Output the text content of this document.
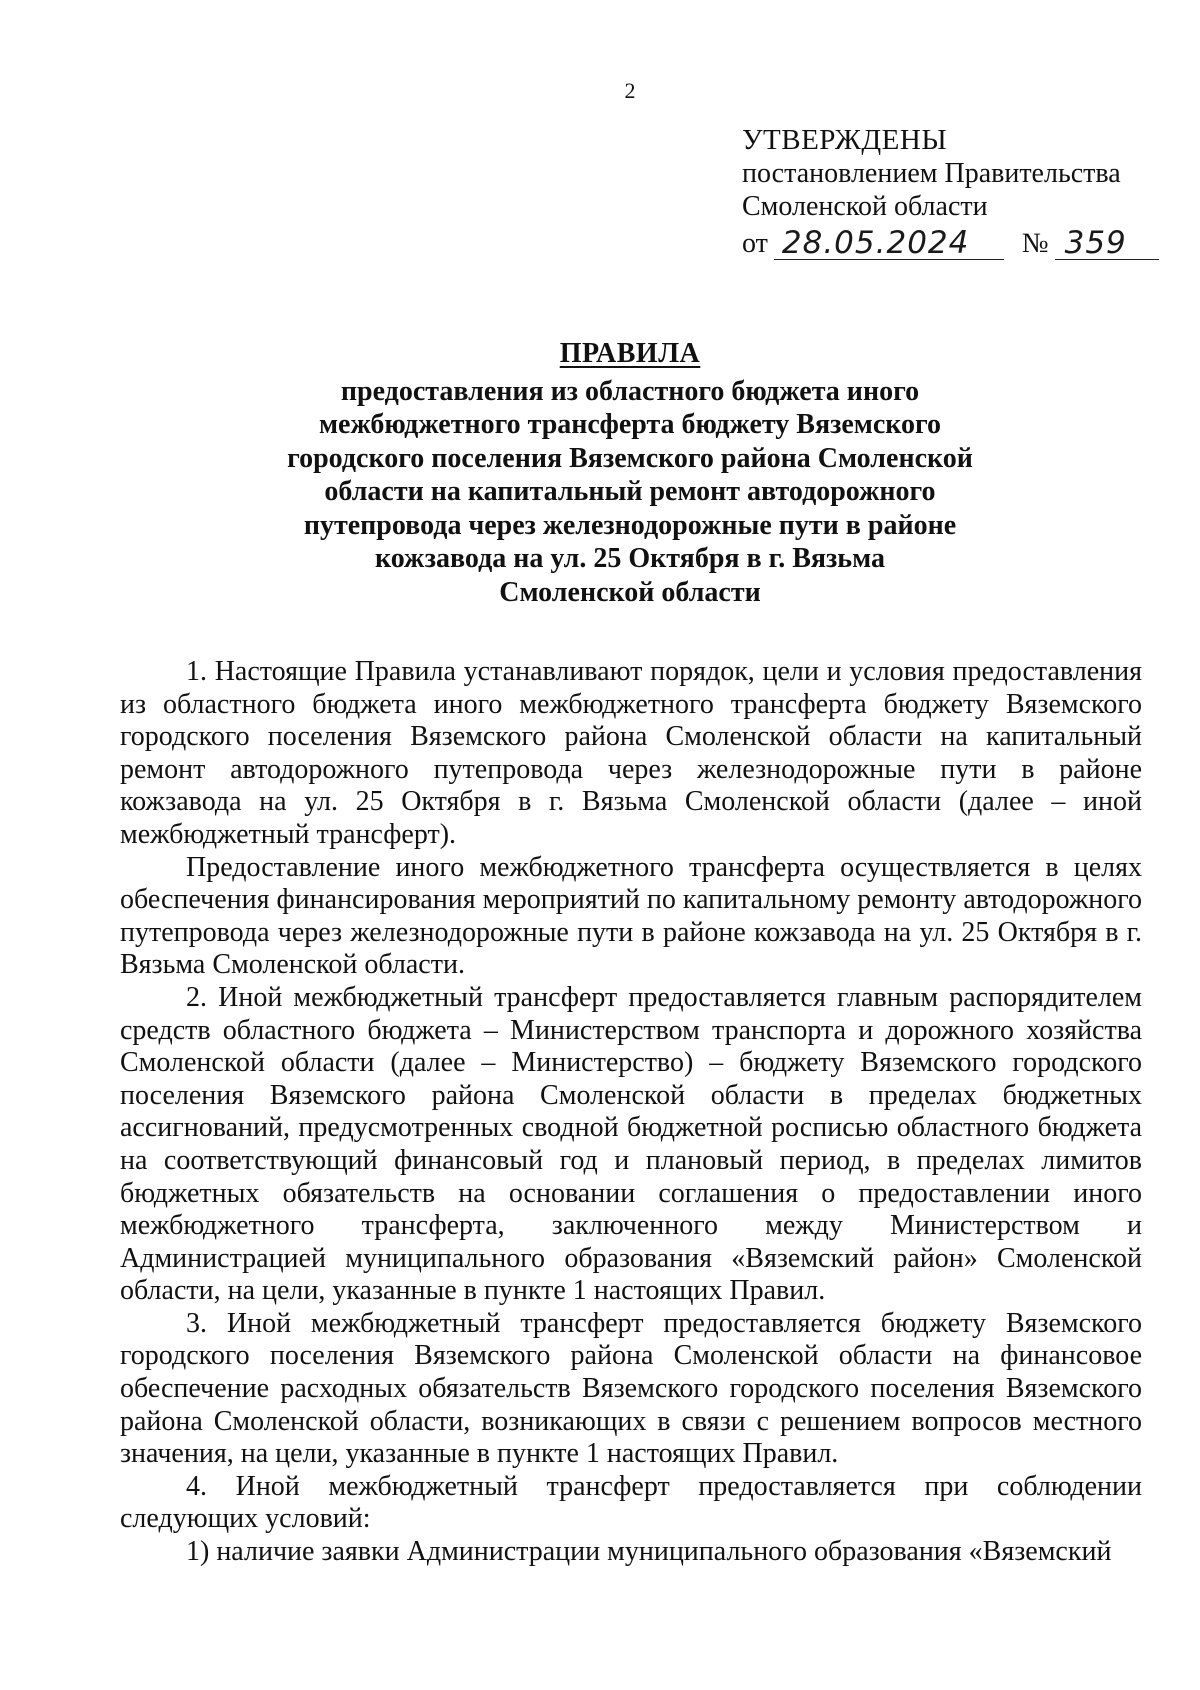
2
УТВЕРЖДЕНЫ
постановлением Правительства
Смоленской области
от 28.05.2024	№ 359
ПРАВИЛА
предоставления из областного бюджета иного
межбюджетного трансферта бюджету Вяземского
городского поселения Вяземского района Смоленской
области на капитальный ремонт автодорожного
путепровода через железнодорожные пути в районе
кожзавода на ул. 25 Октября в г. Вязьма
Смоленской области

1. Настоящие Правила устанавливают порядок, цели и условия предоставления из областного бюджета иного межбюджетного трансферта бюджету Вяземского городского поселения Вяземского района Смоленской области на капитальный ремонт автодорожного путепровода через железнодорожные пути в районе кожзавода на ул. 25 Октября в г. Вязьма Смоленской области (далее – иной межбюджетный трансферт).

Предоставление иного межбюджетного трансферта осуществляется в целях обеспечения финансирования мероприятий по капитальному ремонту автодорожного путепровода через железнодорожные пути в районе кожзавода на ул. 25 Октября в г. Вязьма Смоленской области.

2. Иной межбюджетный трансферт предоставляется главным распорядителем средств областного бюджета – Министерством транспорта и дорожного хозяйства Смоленской области (далее – Министерство) – бюджету Вяземского городского поселения Вяземского района Смоленской области в пределах бюджетных ассигнований, предусмотренных сводной бюджетной росписью областного бюджета на соответствующий финансовый год и плановый период, в пределах лимитов бюджетных обязательств на основании соглашения о предоставлении иного межбюджетного трансферта, заключенного между Министерством и Администрацией муниципального образования «Вяземский район» Смоленской области, на цели, указанные в пункте 1 настоящих Правил.

3. Иной межбюджетный трансферт предоставляется бюджету Вяземского городского поселения Вяземского района Смоленской области на финансовое обеспечение расходных обязательств Вяземского городского поселения Вяземского района Смоленской области, возникающих в связи с решением вопросов местного значения, на цели, указанные в пункте 1 настоящих Правил.

4. Иной межбюджетный трансферт предоставляется при соблюдении следующих условий:

1) наличие заявки Администрации муниципального образования «Вяземский
